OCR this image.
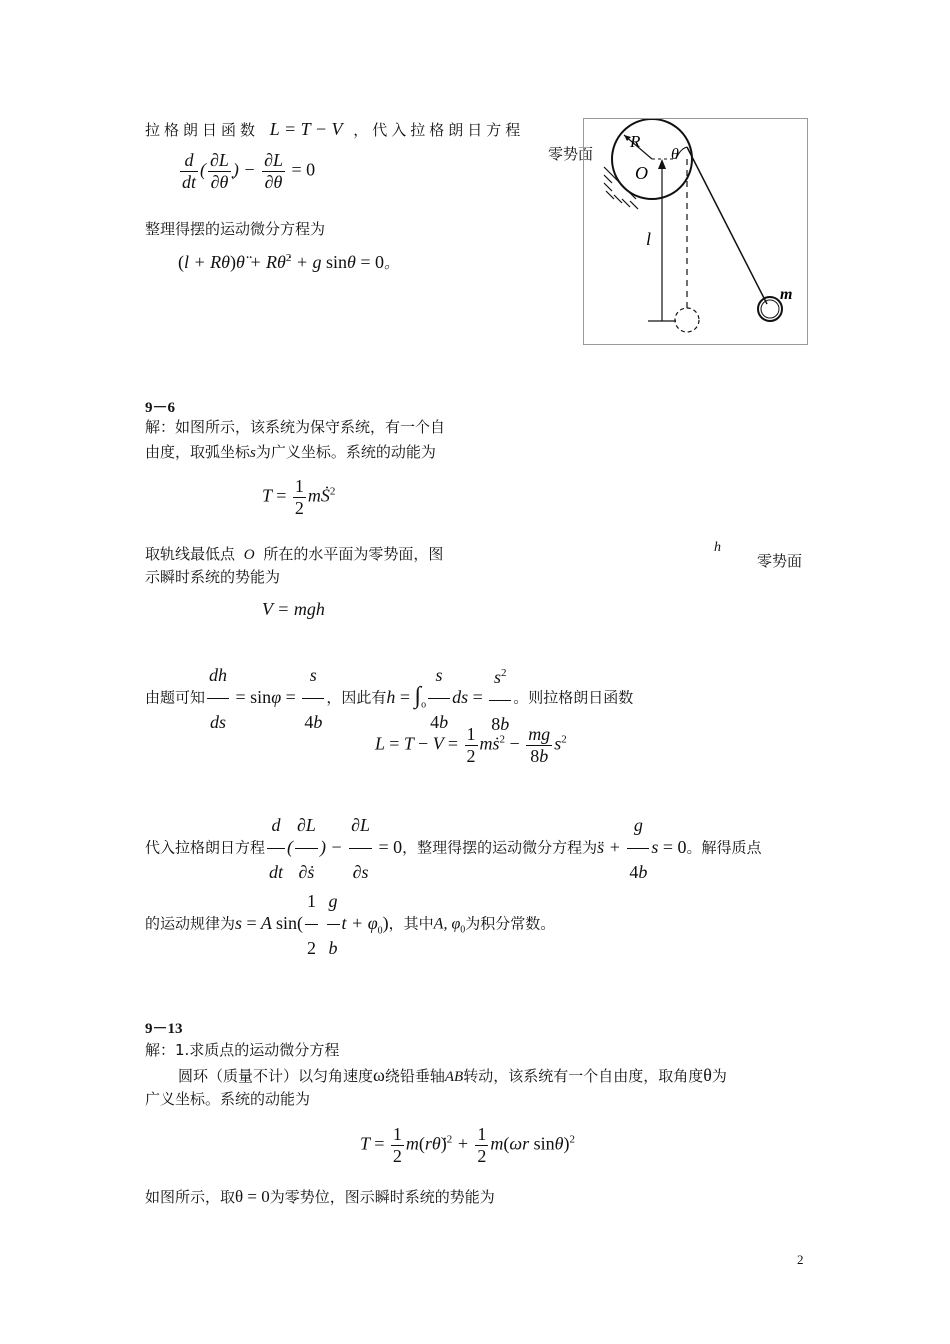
拉格朗日函数 L = T − V ，代入拉格朗日方程
$\frac{d}{dt}$ ( $\frac{\partial L}{\partial\thetȧ}$ ) − $\frac{\partial L}{\partial\theta} = 0$
整理得摆的运动微分方程为
(l + Rθ)θ̈ + Rθ̇$^2$ + g sinθ = 0。
零势面
R
O
θ
l
m
9－6
解：如图所示，该系统为保守系统，有一个自
由度，取弧坐标s为广义坐标。系统的动能为
$T = \frac{1}{2}$ mṠ$^2$
取轨线最低点 O 所在的水平面为零势面，图	h
零势面
示瞬时系统的势能为
V = mgh
由题可知 $\frac{dh}{ds} = \sin\varphi = \frac{s}{4b}$ ，因此有$h = \int_o \frac{s}{4b}$ ds = $\frac{s^2}{8b}$ 。则拉格朗日函数
$L = T - V = \frac{1}{2}$ mṡ$^2$ − $\frac{mg}{8b} s^2$
代入拉格朗日方程 $\frac{d}{dt}$ ( $\frac{\partial L}{\text{∂ṡ}}$ ) − $\frac{\partial L}{\partial s} = 0$，整理得摆的运动微分方程为s̈ + $\frac{g}{4b}$ s = 0。解得质点
的运动规律为s = A $\sin( \frac{1}{2}$
$\frac{g}{b}$ $t + \varphi_0$)，其中A, $\varphi_0$为积分常数。
9－13
解：1.求质点的运动微分方程
圆环（质量不计）以匀角速度ω绕铅垂轴AB转动，该系统有一个自由度，取角度θ为
广义坐标。系统的动能为
$T = \frac{1}{2}$ m(rθ̇)$^2$ + $\frac{1}{2} m(\omega r$ sinθ)$^2$
如图所示，取θ = 0为零势位，图示瞬时系统的势能为
2
